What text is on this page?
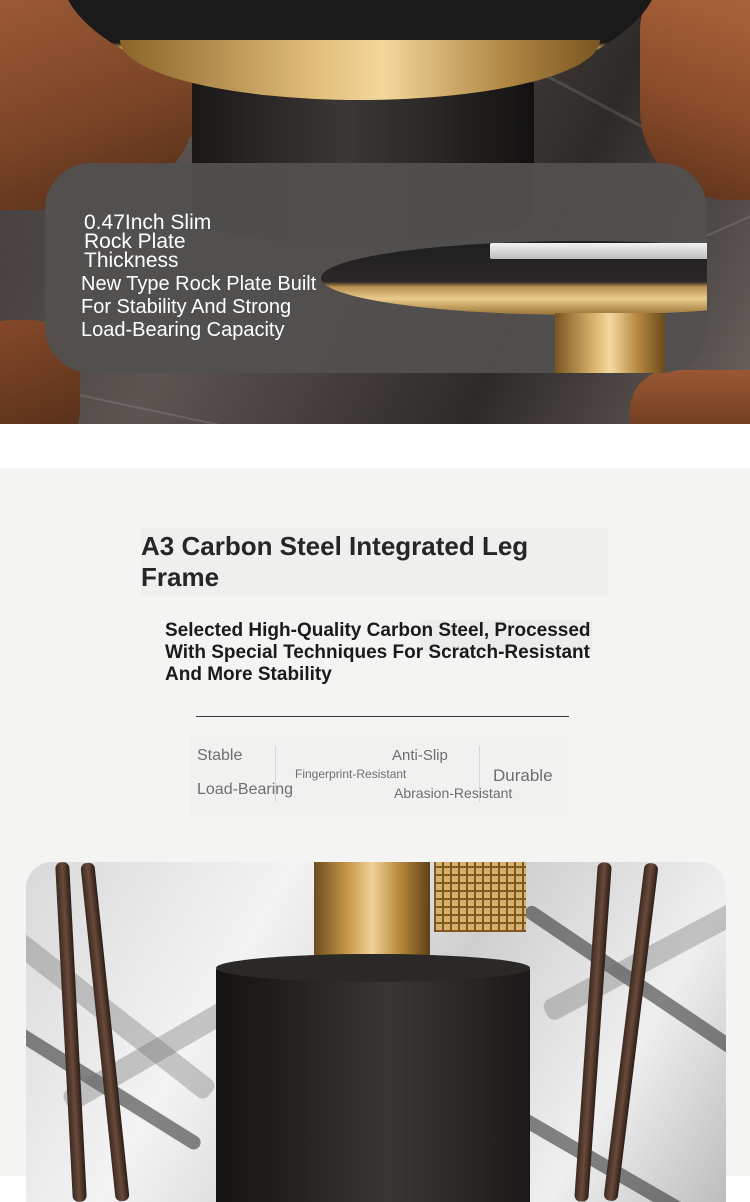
0.47Inch Slim
Rock Plate
Thickness

New Type Rock Plate Built For Stability And Strong Load-Bearing Capacity

A3 Carbon Steel Integrated Leg Frame

Selected High-Quality Carbon Steel, Processed With Special Techniques For Scratch-Resistant And More Stability

Stable

Load-Bearing

Fingerprint-Resistant

Anti-Slip

Abrasion-Resistant

Durable
